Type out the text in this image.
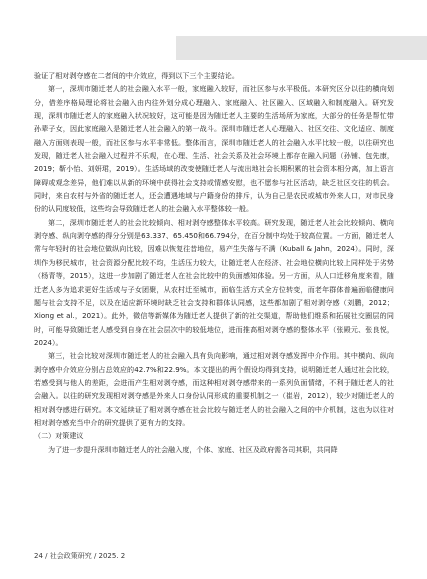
验证了相对剥夺感在二者间的中介效应，得到以下三个主要结论。

第一，深圳市随迁老人的社会融入水平一般，家庭融入较好，而社区参与水平极低。本研究区分以往的横向划分，借差序格局理论将社会融入由内往外划分成心理融入、家庭融入、社区融入、区域融入和制度融入。研究发现，深圳市随迁老人的家庭融入状况较好，这可能是因为随迁老人主要的生活场所为家庭，大部分的任务是帮忙带孙辈子女，因此家庭融入是随迁老人社会融入的第一战斗。深圳市随迁老人心理融入、社区交往、文化适应、制度融入方面则表现一般，而社区参与水平非常低。整体而言，深圳市随迁老人的社会融入水平比较一般，以往研究也发现，随迁老人社会融入过程并不乐观，在心理、生活、社会关系及社会环境上都存在融入问题（孙铺、包先康，2019；靳小怡、刘妍珺，2019）。生活场域的改变使随迁老人与流出地社会长期积累的社会资本相分离，加上语言障碍或观念差异，他们难以从新的环境中获得社会支持或情感安慰，也不愿参与社区活动，缺乏社区交往的机会。同时，来自农村与外省的随迁老人，还会遭遇地域与户籍身份的排斥，认为自己是农民或城市外来人口，对市民身份的认同度较低，这些均会导致随迁老人的社会融入水平整体较一般。

第二，深圳市随迁老人的社会比较倾向、相对剥夺感整体水平较高。研究发现，随迁老人社会比较倾向、横向剥夺感、纵向剥夺感的得分分别是63.337、65.450和66.794分，在百分制中均处于较高位置。一方面，随迁老人常与年轻时的社会地位做纵向比较，因难以恢复往昔地位，易产生失落与不满（Kuball & Jahn，2024）。同时，深圳作为移民城市，社会资源分配比较不均，生活压力较大，让随迁老人在经济、社会地位横向比较上同样处于劣势（杨青等，2015），这进一步加剧了随迁老人在社会比较中的负面感知体验。另一方面，从人口迁移角度来看，随迁老人多为追求更好生活或与子女团聚，从农村迁至城市，面临生活方式全方位转变，而老年群体普遍面临健康问题与社会支持不足，以及在适应新环境时缺乏社会支持和群体认同感，这些都加剧了相对剥夺感（刘鹏，2012；Xiong et al.，2021）。此外，微信等新媒体为随迁老人提供了新的社交渠道，帮助他们维系和拓展社交圈层的同时，可能导致随迁老人感受到自身在社会层次中的较低地位，进而推高相对剥夺感的整体水平（张殿元、张良悦，2024）。

第三，社会比较对深圳市随迁老人的社会融入具有负向影响，通过相对剥夺感发挥中介作用。其中横向、纵向剥夺感中介效应分别占总效应的42.7%和22.9%。本文提出的两个假设均得到支持，说明随迁老人通过社会比较，若感受到与他人的差距，会进而产生相对剥夺感，而这种相对剥夺感带来的一系列负面情绪，不利于随迁老人的社会融入。以往的研究发现相对剥夺感是外来人口身份认同形成的重要机制之一（崔岩，2012），较少对随迁老人的相对剥夺感进行研究。本文延续证了相对剥夺感在社会比较与随迁老人的社会融入之间的中介机制，这也为以往对相对剥夺感充当中介的研究提供了更有力的支持。

（二）对策建议

为了进一步提升深圳市随迁老人的社会融入度，个体、家庭、社区及政府需各司其职，共同降

24 / 社会政策研究 / 2025. 2
